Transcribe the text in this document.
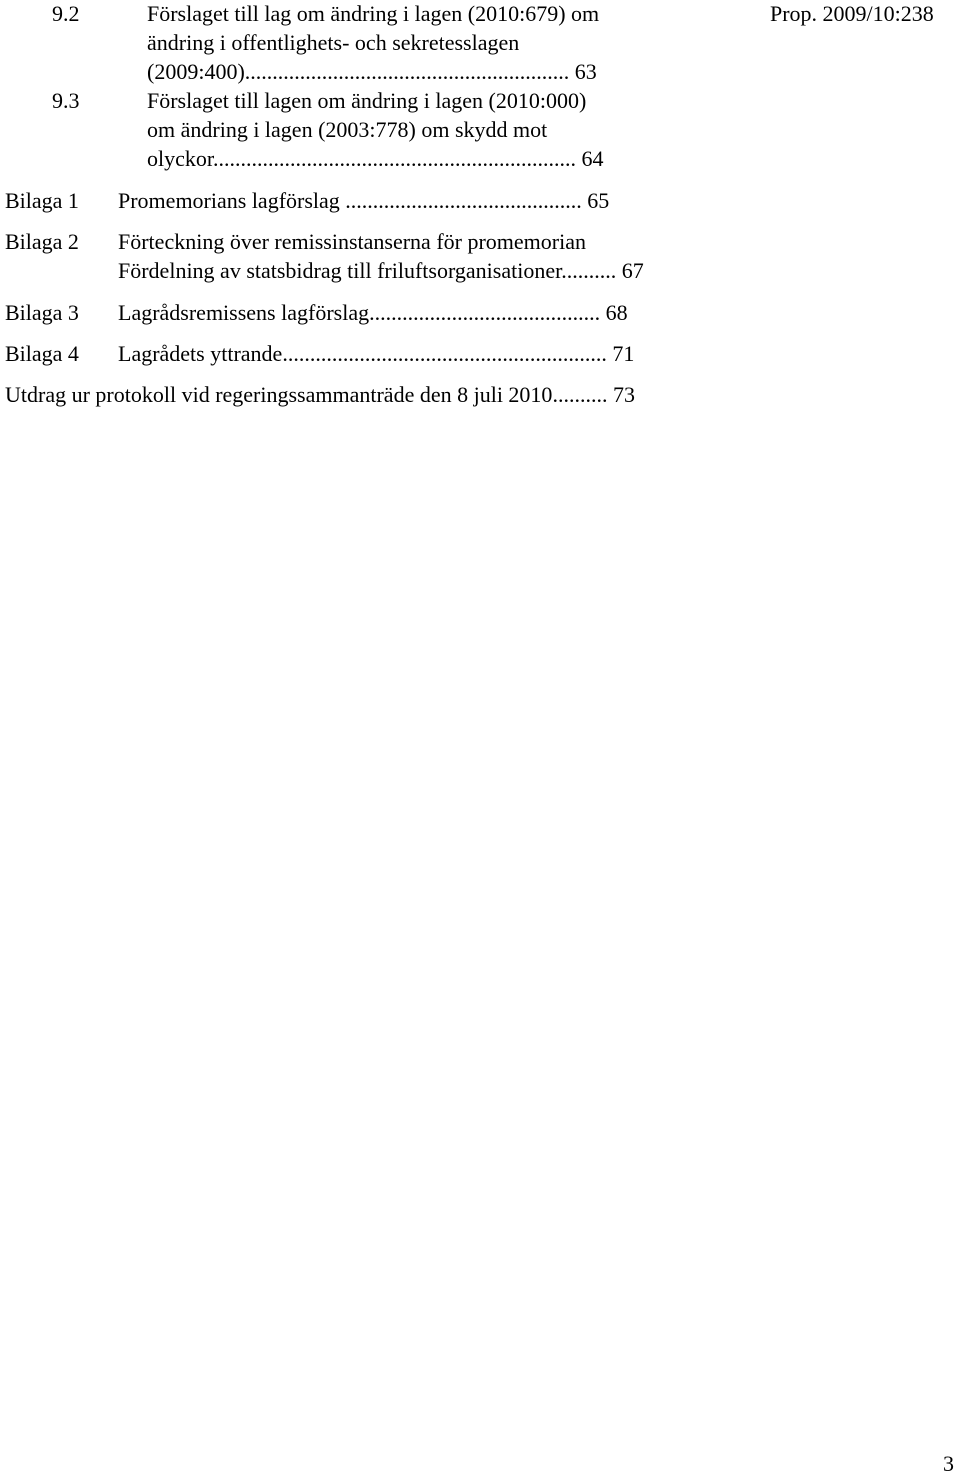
Prop. 2009/10:238
9.2	Förslaget till lag om ändring i lagen (2010:679) om
ändring i offentlighets- och sekretesslagen
(2009:400)........................................................... 63
9.3	Förslaget till lagen om ändring i lagen (2010:000)
om ändring i lagen (2003:778) om skydd mot
olyckor.................................................................. 64
Bilaga 1 Promemorians lagförslag ........................................... 65
Bilaga 2 Förteckning över remissinstanserna för promemorian
Fördelning av statsbidrag till friluftsorganisationer.......... 67
Bilaga 3 Lagrådsremissens lagförslag.......................................... 68
Bilaga 4 Lagrådets yttrande........................................................... 71
Utdrag ur protokoll vid regeringssammanträde den 8 juli 2010.......... 73
3
